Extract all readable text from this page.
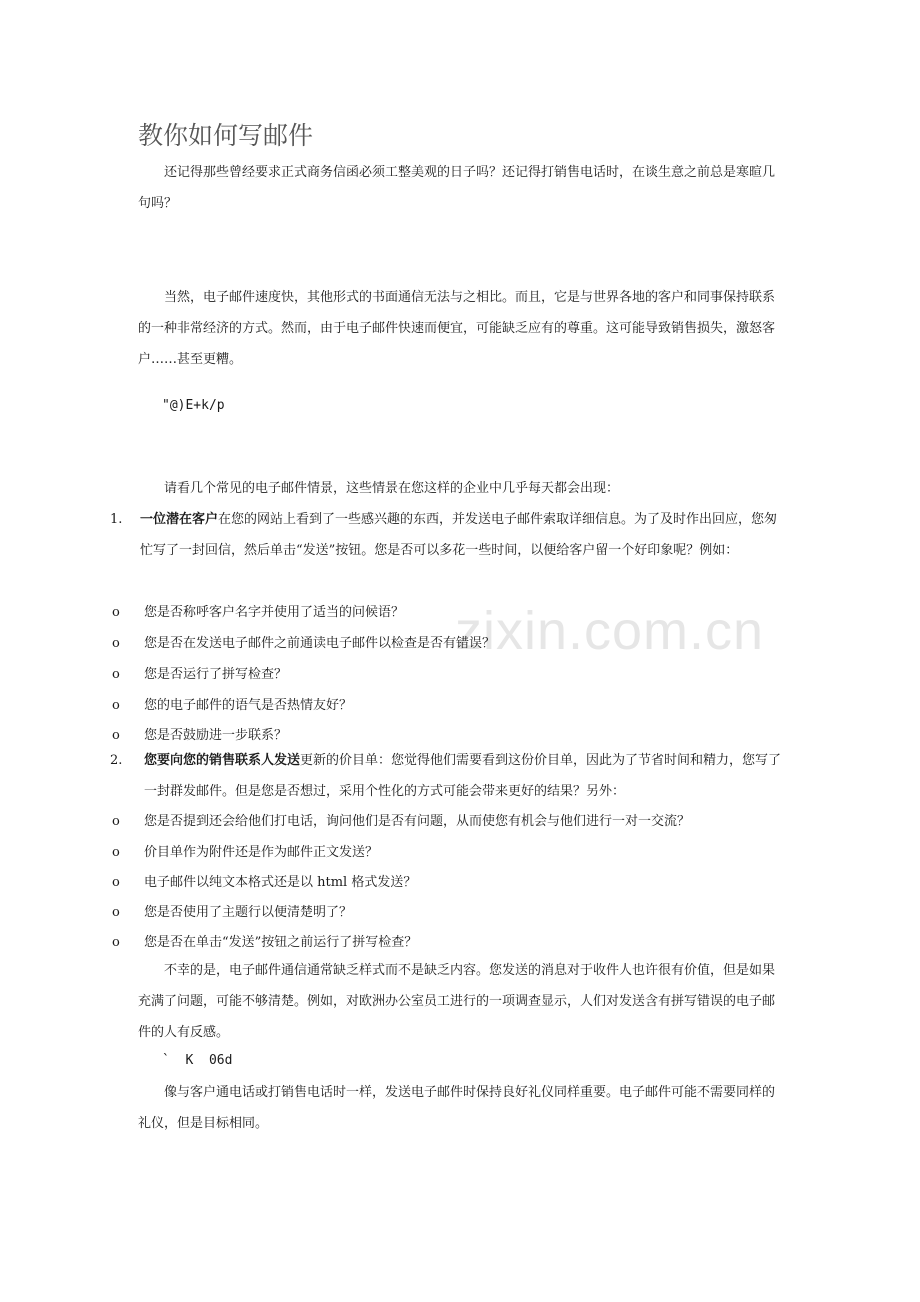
zixin.com.cn
教你如何写邮件

还记得那些曾经要求正式商务信函必须工整美观的日子吗？还记得打销售电话时，在谈生意之前总是寒暄几句吗？

当然，电子邮件速度快，其他形式的书面通信无法与之相比。而且，它是与世界各地的客户和同事保持联系的一种非常经济的方式。然而，由于电子邮件快速而便宜，可能缺乏应有的尊重。这可能导致销售损失，激怒客户……甚至更糟。

"@)E+k/p

请看几个常见的电子邮件情景，这些情景在您这样的企业中几乎每天都会出现：

1. 一位潜在客户在您的网站上看到了一些感兴趣的东西，并发送电子邮件索取详细信息。为了及时作出回应，您匆忙写了一封回信，然后单击“发送”按钮。您是否可以多花一些时间，以便给客户留一个好印象呢？例如：

o 您是否称呼客户名字并使用了适当的问候语？
o 您是否在发送电子邮件之前通读电子邮件以检查是否有错误？
o 您是否运行了拼写检查？
o 您的电子邮件的语气是否热情友好？
o 您是否鼓励进一步联系？
2. 您要向您的销售联系人发送更新的价目单：您觉得他们需要看到这份价目单，因此为了节省时间和精力，您写了一封群发邮件。但是您是否想过，采用个性化的方式可能会带来更好的结果？另外：

o 您是否提到还会给他们打电话，询问他们是否有问题，从而使您有机会与他们进行一对一交流？
o 价目单作为附件还是作为邮件正文发送？
o 电子邮件以纯文本格式还是以 html 格式发送？
o 您是否使用了主题行以便清楚明了？
o 您是否在单击“发送”按钮之前运行了拼写检查？

不幸的是，电子邮件通信通常缺乏样式而不是缺乏内容。您发送的消息对于收件人也许很有价值，但是如果充满了问题，可能不够清楚。例如，对欧洲办公室员工进行的一项调查显示，人们对发送含有拼写错误的电子邮件的人有反感。

`  K  06d

像与客户通电话或打销售电话时一样，发送电子邮件时保持良好礼仪同样重要。电子邮件可能不需要同样的礼仪，但是目标相同。
